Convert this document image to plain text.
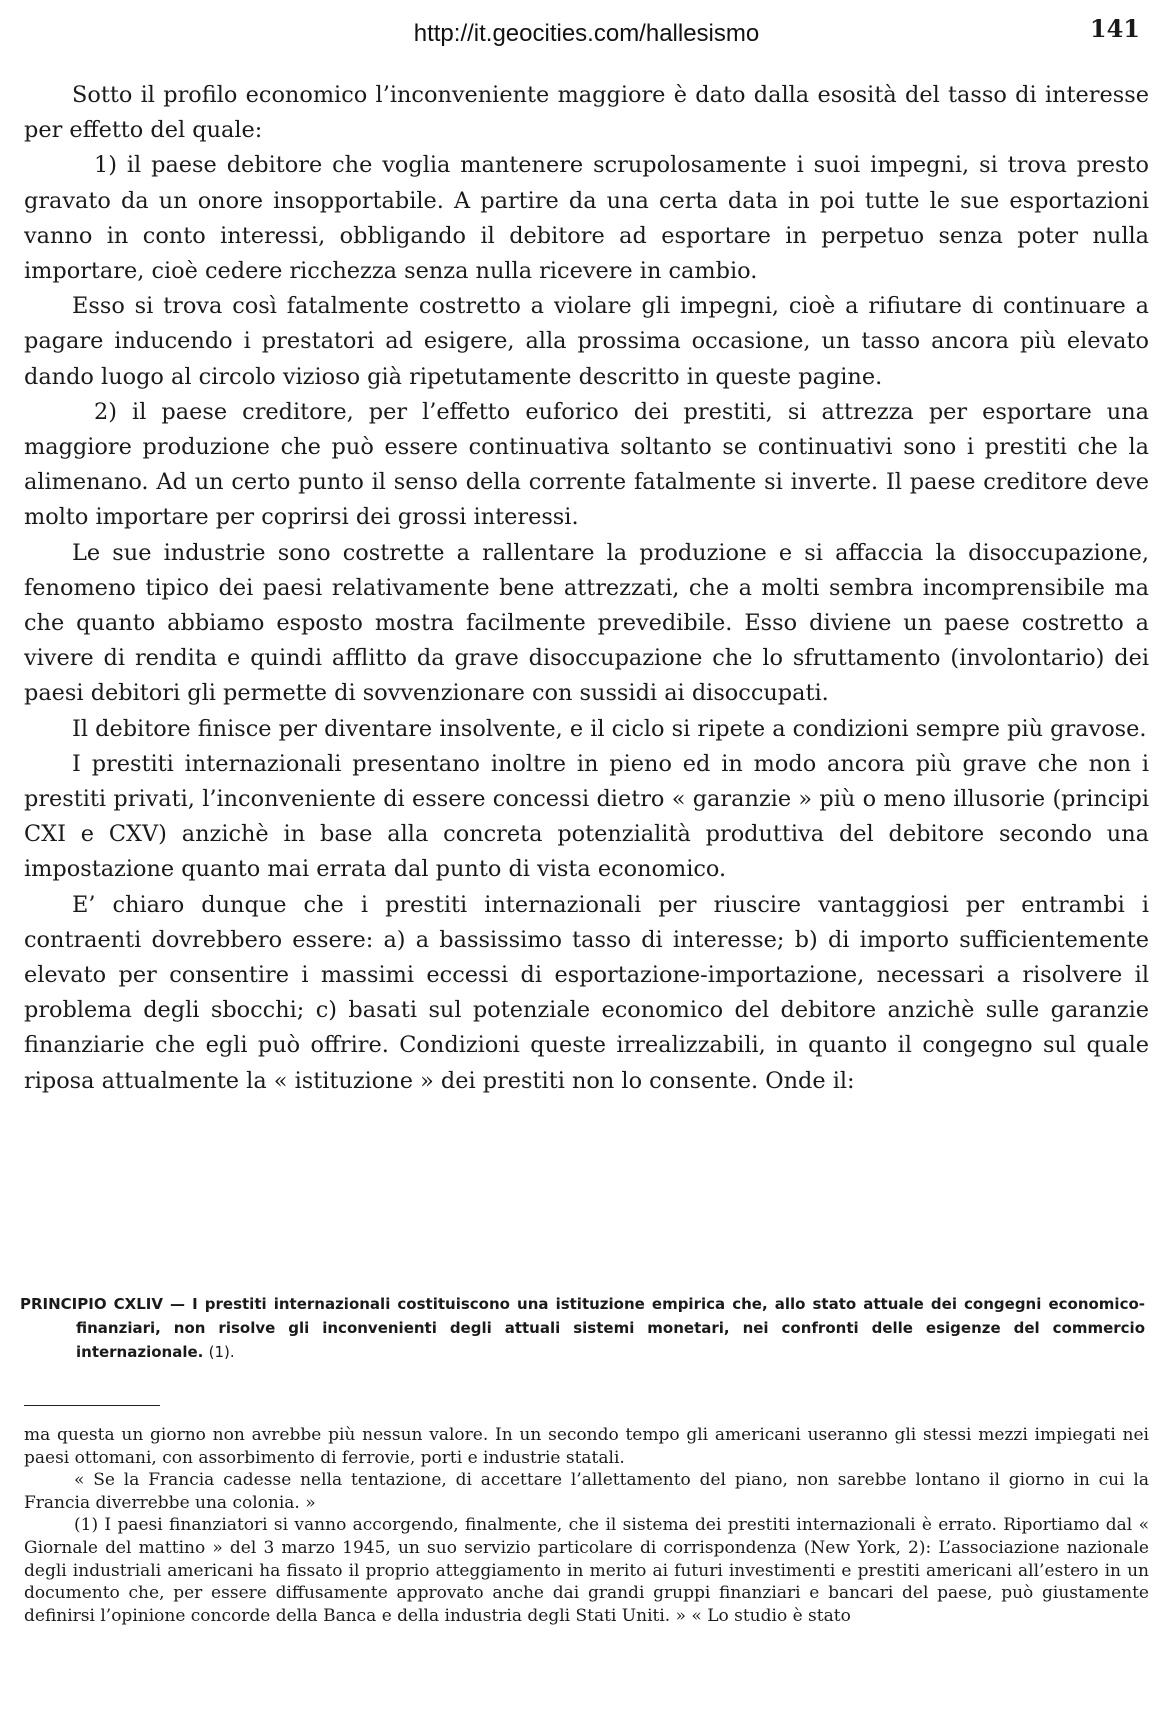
http://it.geocities.com/hallesismo	141

Sotto il profilo economico l’inconveniente maggiore è dato dalla esosità del tasso di interesse per effetto del quale:

1) il paese debitore che voglia mantenere scrupolosamente i suoi impegni, si trova presto gravato da un onore insopportabile. A partire da una certa data in poi tutte le sue esportazioni vanno in conto interessi, obbligando il debitore ad esportare in perpetuo senza poter nulla importare, cioè cedere ricchezza senza nulla ricevere in cambio.

Esso si trova così fatalmente costretto a violare gli impegni, cioè a rifiutare di continuare a pagare inducendo i prestatori ad esigere, alla prossima occasione, un tasso ancora più elevato dando luogo al circolo vizioso già ripetutamente descritto in queste pagine.

2) il paese creditore, per l’effetto euforico dei prestiti, si attrezza per esportare una maggiore produzione che può essere continuativa soltanto se continuativi sono i prestiti che la alimenano. Ad un certo punto il senso della corrente fatalmente si inverte. Il paese creditore deve molto importare per coprirsi dei grossi interessi.

Le sue industrie sono costrette a rallentare la produzione e si affaccia la disoccupazione, fenomeno tipico dei paesi relativamente bene attrezzati, che a molti sembra incomprensibile ma che quanto abbiamo esposto mostra facilmente prevedibile. Esso diviene un paese costretto a vivere di rendita e quindi afflitto da grave disoccupazione che lo sfruttamento (involontario) dei paesi debitori gli permette di sovvenzionare con sussidi ai disoccupati.

Il debitore finisce per diventare insolvente, e il ciclo si ripete a condizioni sempre più gravose.

I prestiti internazionali presentano inoltre in pieno ed in modo ancora più grave che non i prestiti privati, l’inconveniente di essere concessi dietro « garanzie » più o meno illusorie (principi CXI e CXV) anzichè in base alla concreta potenzialità produttiva del debitore secondo una impostazione quanto mai errata dal punto di vista economico.

E’ chiaro dunque che i prestiti internazionali per riuscire vantaggiosi per entrambi i contraenti dovrebbero essere: a) a bassissimo tasso di interesse; b) di importo sufficientemente elevato per consentire i massimi eccessi di esportazione-importazione, necessari a risolvere il problema degli sbocchi; c) basati sul potenziale economico del debitore anzichè sulle garanzie finanziarie che egli può offrire. Condizioni queste irrealizzabili, in quanto il congegno sul quale riposa attualmente la « istituzione » dei prestiti non lo consente. Onde il:

PRINCIPIO CXLIV — I prestiti internazionali costituiscono una istituzione empirica che, allo stato attuale dei congegni economico-finanziari, non risolve gli inconvenienti degli attuali sistemi monetari, nei confronti delle esigenze del commercio internazionale. (1).

ma questa un giorno non avrebbe più nessun valore. In un secondo tempo gli americani useranno gli stessi mezzi impiegati nei paesi ottomani, con assorbimento di ferrovie, porti e industrie statali.

« Se la Francia cadesse nella tentazione, di accettare l’allettamento del piano, non sarebbe lontano il giorno in cui la Francia diverrebbe una colonia. »

(1) I paesi finanziatori si vanno accorgendo, finalmente, che il sistema dei prestiti internazionali è errato. Riportiamo dal « Giornale del mattino » del 3 marzo 1945, un suo servizio particolare di corrispondenza (New York, 2): L’associazione nazionale degli industriali americani ha fissato il proprio atteggiamento in merito ai futuri investimenti e prestiti americani all’estero in un documento che, per essere diffusamente approvato anche dai grandi gruppi finanziari e bancari del paese, può giustamente definirsi l’opinione concorde della Banca e della industria degli Stati Uniti. » « Lo studio è stato
